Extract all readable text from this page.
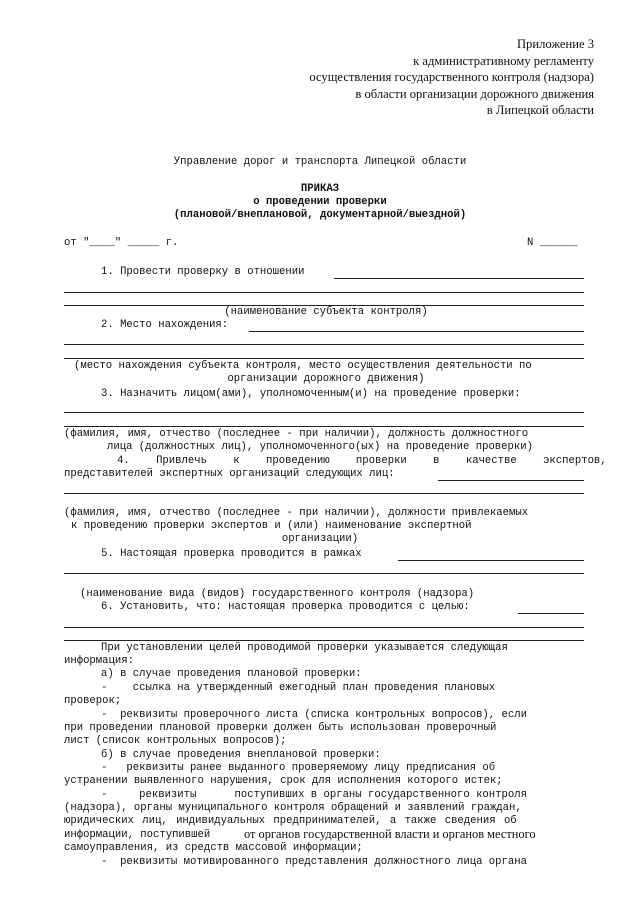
Приложение 3
к административному регламенту
осуществления государственного контроля (надзора)
в области организации дорожного движения
в Липецкой области
Управление дорог и транспорта Липецкой области
ПРИКАЗ
о проведении проверки
(плановой/внеплановой, документарной/выездной)
от "____" _____ г.	N ______
1. Провести проверку в отношении
(наименование субъекта контроля)
2. Место нахождения:
(место нахождения субъекта контроля, место осуществления деятельности по
организации дорожного движения)
3. Назначить лицом(ами), уполномоченным(и) на проведение проверки:
(фамилия, имя, отчество (последнее - при наличии), должность должностного
лица (должностных лиц), уполномоченного(ых) на проведение проверки)
4. Привлечь к проведению проверки в качестве экспертов,
представителей экспертных организаций следующих лиц:
(фамилия, имя, отчество (последнее - при наличии), должности привлекаемых
к проведению проверки экспертов и (или) наименование экспертной
организации)
5. Настоящая проверка проводится в рамках
(наименование вида (видов) государственного контроля (надзора)
6. Установить, что: настоящая проверка проводится с целью:
При установлении целей проводимой проверки указывается следующая
информация:
а) в случае проведения плановой проверки:
-    ссылка на утвержденный ежегодный план проведения плановых
проверок;
-  реквизиты проверочного листа (списка контрольных вопросов), если
при проведении плановой проверки должен быть использован проверочный
лист (список контрольных вопросов);
б) в случае проведения внеплановой проверки:
-   реквизиты ранее выданного проверяемому лицу предписания об
устранении выявленного нарушения, срок для исполнения которого истек;
-     реквизиты      поступивших в органы государственного контроля
(надзора), органы муниципального контроля обращений и заявлений граждан,
юридических лиц, индивидуальных предпринимателей, а также сведения об
информации, поступившей	от органов государственной власти и органов местного
самоуправления, из средств массовой информации;
-  реквизиты мотивированного представления должностного лица органа
